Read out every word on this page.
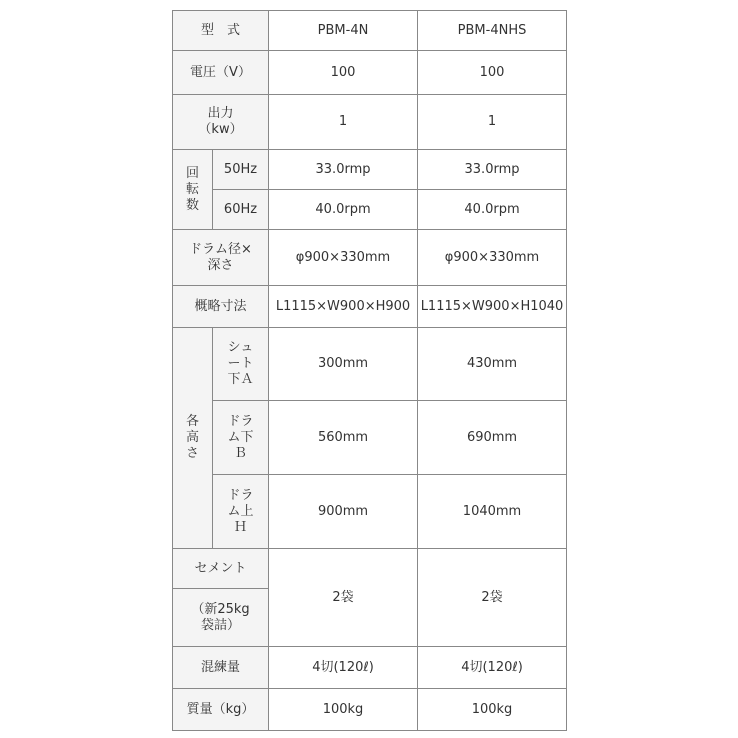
型　式		PBM-4N	PBM-4NHS
電圧（V）		100	100

出力
（kw）		1	1

回
転
数	50Hz	33.0rmp	33.0rmp
	60Hz	40.0rpm	40.0rpm

ドラム径×
深さ		φ900×330mm	φ900×330mm
概略寸法		L1115×W900×H900	L1115×W900×H1040

各
高
さ	シュ
ート
下Ａ	300mm	430mm

	ドラ
ム下
Ｂ	560mm	690mm

	ドラ
ム上
Ｈ	900mm	1040mm
セメント		2袋	2袋

（新25kg
袋詰）			

混練量		4切(120ℓ)	4切(120ℓ)
質量（kg）		100kg	100kg
